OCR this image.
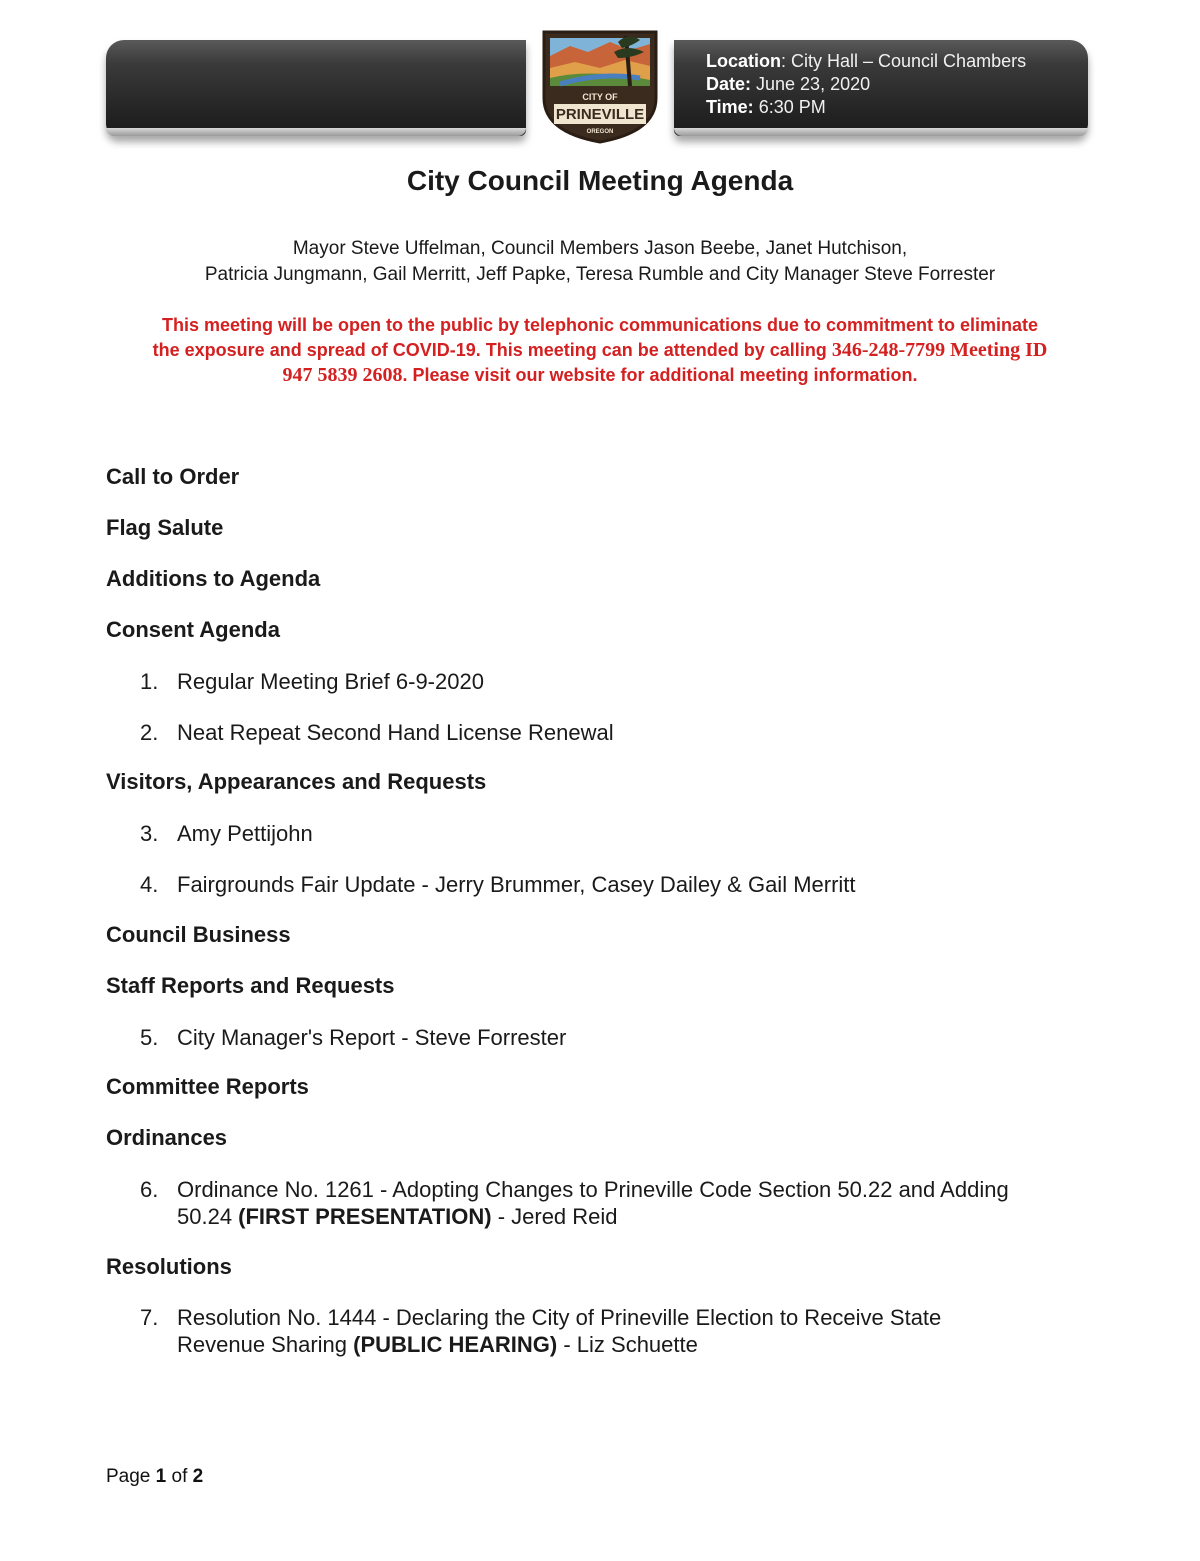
Location: City Hall – Council Chambers
Date: June 23, 2020
Time: 6:30 PM
CITY OF
PRINEVILLE
OREGON
City Council Meeting Agenda
Mayor Steve Uffelman, Council Members Jason Beebe, Janet Hutchison,
Patricia Jungmann, Gail Merritt, Jeff Papke, Teresa Rumble and City Manager Steve Forrester
This meeting will be open to the public by telephonic communications due to commitment to eliminate
the exposure and spread of COVID-19. This meeting can be attended by calling 346-248-7799 Meeting ID
947 5839 2608. Please visit our website for additional meeting information.
Call to Order
Flag Salute
Additions to Agenda
Consent Agenda
1. Regular Meeting Brief 6-9-2020
2. Neat Repeat Second Hand License Renewal
Visitors, Appearances and Requests
3. Amy Pettijohn
4. Fairgrounds Fair Update - Jerry Brummer, Casey Dailey & Gail Merritt
Council Business
Staff Reports and Requests
5. City Manager's Report - Steve Forrester
Committee Reports
Ordinances
6. Ordinance No. 1261 - Adopting Changes to Prineville Code Section 50.22 and Adding
50.24 (FIRST PRESENTATION) - Jered Reid
Resolutions
7. Resolution No. 1444 - Declaring the City of Prineville Election to Receive State
Revenue Sharing (PUBLIC HEARING) - Liz Schuette
Page 1 of 2
